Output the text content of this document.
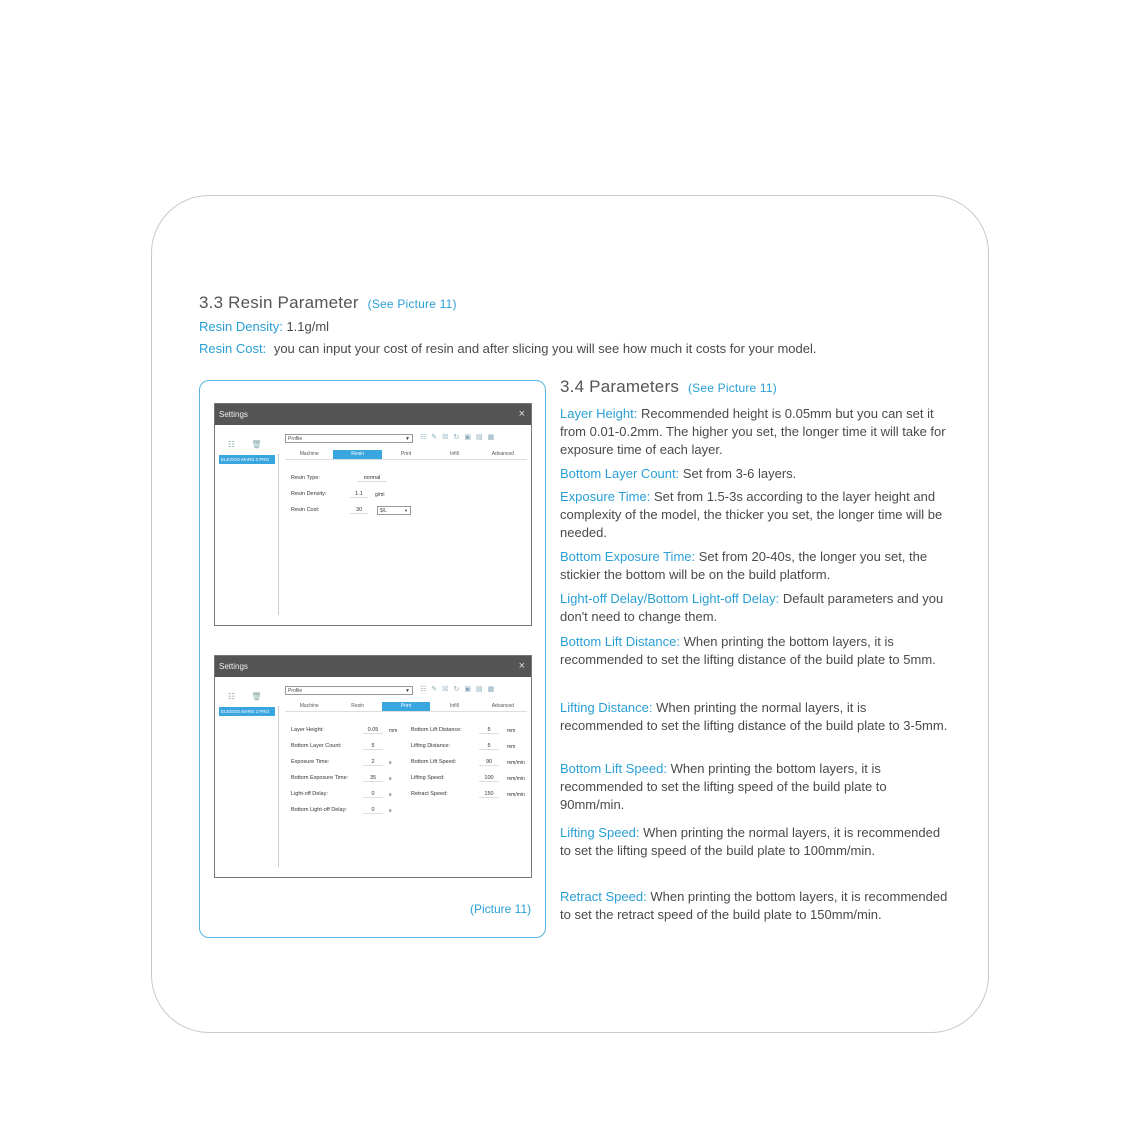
3.3 Resin Parameter (See Picture 11)
Resin Density: 1.1g/ml
Resin Cost: you can input your cost of resin and after slicing you will see how much it costs for your model.
Settings	×
☷ 🗑
ELEGOO MARS 2 PRO
Profile	▼ ☷✎☒↻▣▤▦
Machine	Resin	Print	Infill	Advanced
Resin Type:	normal
Resin Density:	1.1	g/ml
Resin Cost:	30	$/L	▼
Settings	×
☷ 🗑
ELEGOO MARS 2 PRO
Profile	▼ ☷✎☒↻▣▤▦
Machine	Resin	Print	Infill	Advanced
Layer Height:	0.05	mm
Bottom Layer Count:	5
Exposure Time:	2	s
Bottom Exposure Time:	35	s
Light-off Delay:	0	s
Bottom Light-off Delay:	0	s
Bottom Lift Distance:	5	mm
Lifting Distance:	5	mm
Bottom Lift Speed:	90	mm/min
Lifting Speed:	100	mm/min
Retract Speed:	150	mm/min
(Picture 11)
3.4 Parameters (See Picture 11)
Layer Height: Recommended height is 0.05mm but you can set it from 0.01-0.2mm. The higher you set, the longer time it will take for exposure time of each layer.
Bottom Layer Count: Set from 3-6 layers.
Exposure Time: Set from 1.5-3s according to the layer height and complexity of the model, the thicker you set, the longer time will be needed.
Bottom Exposure Time: Set from 20-40s, the longer you set, the stickier the bottom will be on the build platform.
Light-off Delay/Bottom Light-off Delay: Default parameters and you don't need to change them.
Bottom Lift Distance: When printing the bottom layers, it is recommended to set the lifting distance of the build plate to 5mm.
Lifting Distance: When printing the normal layers, it is recommended to set the lifting distance of the build plate to 3-5mm.
Bottom Lift Speed: When printing the bottom layers, it is recommended to set the lifting speed of the build plate to 90mm/min.
Lifting Speed: When printing the normal layers, it is recommended to set the lifting speed of the build plate to 100mm/min.
Retract Speed: When printing the bottom layers, it is recommended to set the retract speed of the build plate to 150mm/min.
